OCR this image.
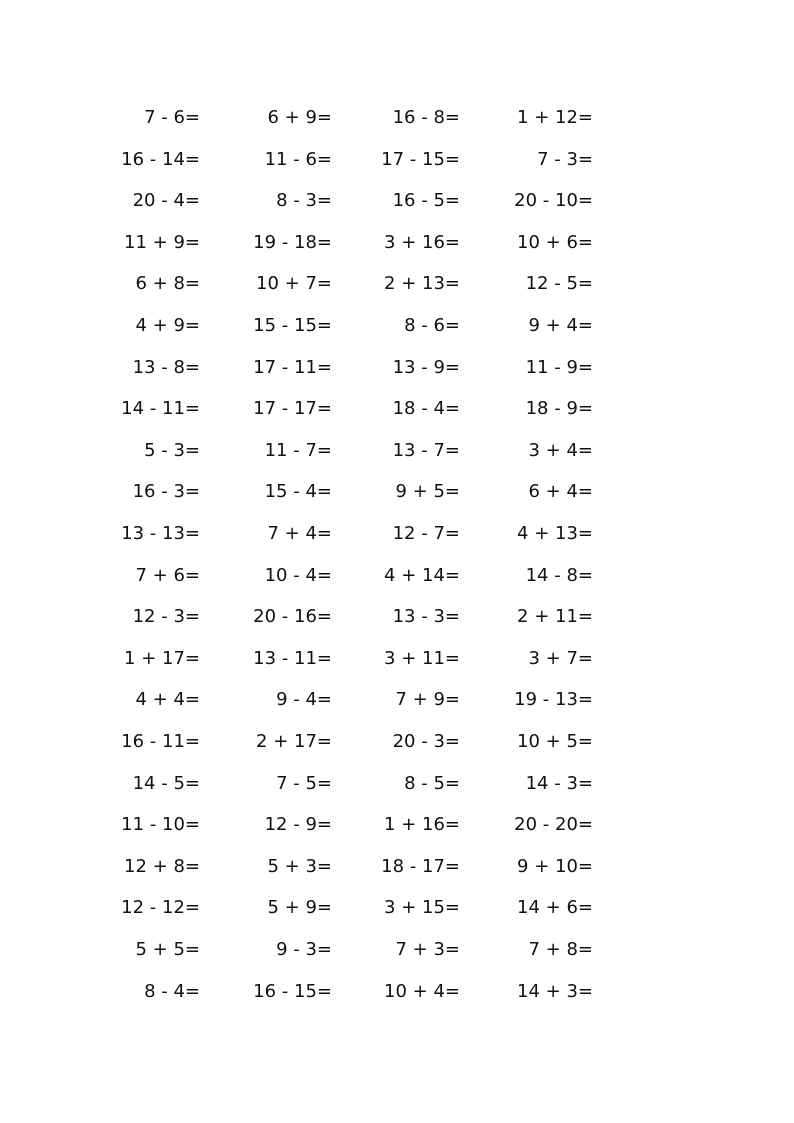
7 - 6=	6 + 9=	16 - 8=	1 + 12=
16 - 14=	11 - 6=	17 - 15=	7 - 3=
20 - 4=	8 - 3=	16 - 5=	20 - 10=
11 + 9=	19 - 18=	3 + 16=	10 + 6=
6 + 8=	10 + 7=	2 + 13=	12 - 5=
4 + 9=	15 - 15=	8 - 6=	9 + 4=
13 - 8=	17 - 11=	13 - 9=	11 - 9=
14 - 11=	17 - 17=	18 - 4=	18 - 9=
5 - 3=	11 - 7=	13 - 7=	3 + 4=
16 - 3=	15 - 4=	9 + 5=	6 + 4=
13 - 13=	7 + 4=	12 - 7=	4 + 13=
7 + 6=	10 - 4=	4 + 14=	14 - 8=
12 - 3=	20 - 16=	13 - 3=	2 + 11=
1 + 17=	13 - 11=	3 + 11=	3 + 7=
4 + 4=	9 - 4=	7 + 9=	19 - 13=
16 - 11=	2 + 17=	20 - 3=	10 + 5=
14 - 5=	7 - 5=	8 - 5=	14 - 3=
11 - 10=	12 - 9=	1 + 16=	20 - 20=
12 + 8=	5 + 3=	18 - 17=	9 + 10=
12 - 12=	5 + 9=	3 + 15=	14 + 6=
5 + 5=	9 - 3=	7 + 3=	7 + 8=
8 - 4=	16 - 15=	10 + 4=	14 + 3=
